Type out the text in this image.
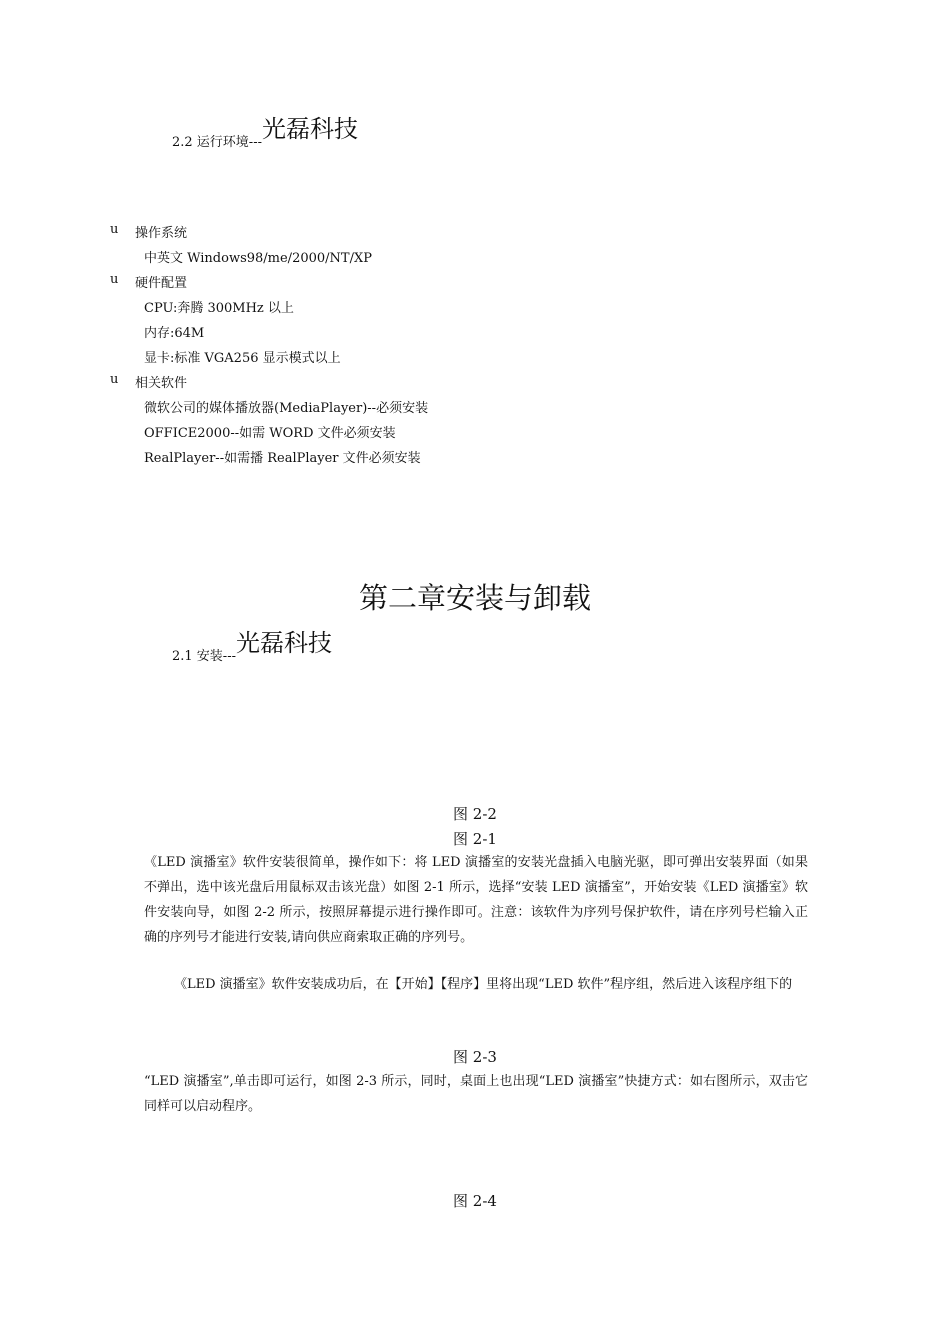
2.2 运行环境---光磊科技
u 操作系统
中英文 Windows98/me/2000/NT/XP
u 硬件配置
CPU:奔腾 300MHz 以上
内存:64M
显卡:标准 VGA256 显示模式以上
u 相关软件
微软公司的媒体播放器(MediaPlayer)--必须安装
OFFICE2000--如需 WORD 文件必须安装
RealPlayer--如需播 RealPlayer 文件必须安装
第二章安装与卸载
2.1 安装---光磊科技
图 2-2
图 2-1
《LED 演播室》软件安装很简单，操作如下：将 LED 演播室的安装光盘插入电脑光驱，即可弹出安装界面（如果不弹出，选中该光盘后用鼠标双击该光盘）如图 2-1 所示，选择“安装 LED 演播室”，开始安装《LED 演播室》软件安装向导，如图 2-2 所示，按照屏幕提示进行操作即可。注意：该软件为序列号保护软件，请在序列号栏输入正确的序列号才能进行安装,请向供应商索取正确的序列号。
《LED 演播室》软件安装成功后，在【开始】【程序】里将出现“LED 软件”程序组，然后进入该程序组下的
图 2-3
“LED 演播室”,单击即可运行，如图 2-3 所示，同时，桌面上也出现“LED 演播室”快捷方式：如右图所示，双击它同样可以启动程序。
图 2-4
